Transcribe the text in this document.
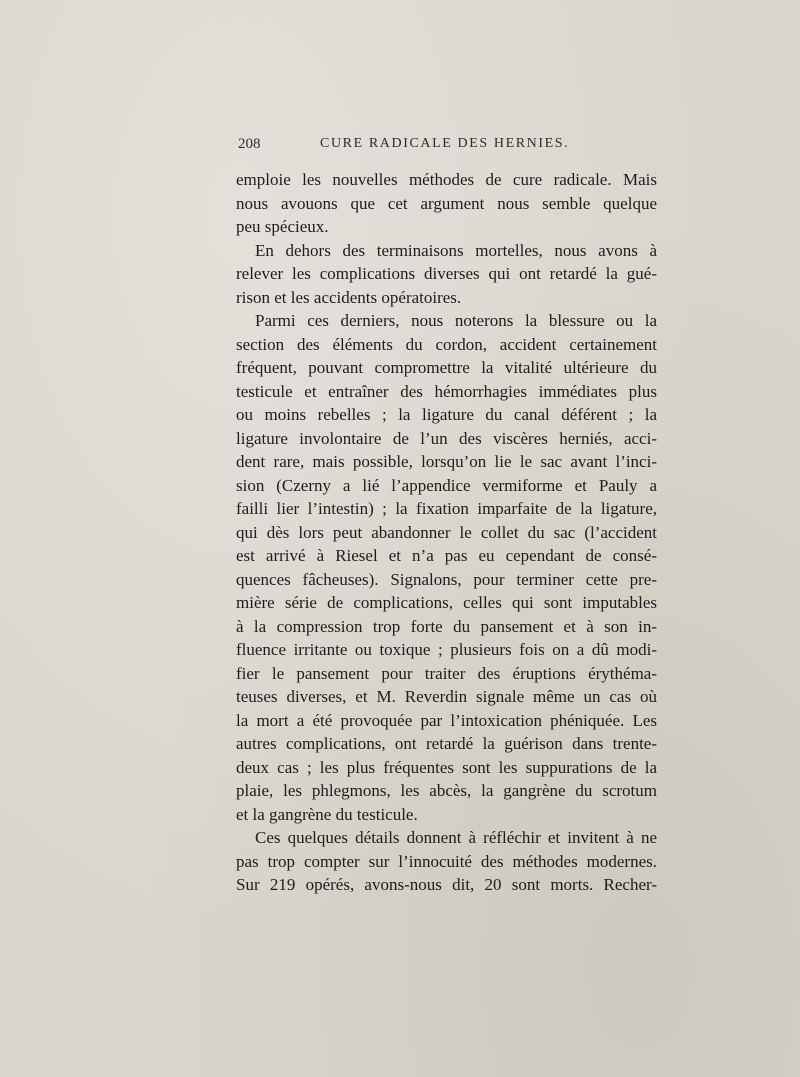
208	CURE RADICALE DES HERNIES.
emploie les nouvelles méthodes de cure radicale. Mais
nous avouons que cet argument nous semble quelque
peu spécieux.
En dehors des terminaisons mortelles, nous avons à
relever les complications diverses qui ont retardé la gué-
rison et les accidents opératoires.
Parmi ces derniers, nous noterons la blessure ou la
section des éléments du cordon, accident certainement
fréquent, pouvant compromettre la vitalité ultérieure du
testicule et entraîner des hémorrhagies immédiates plus
ou moins rebelles ; la ligature du canal déférent ; la
ligature involontaire de l’un des viscères herniés, acci-
dent rare, mais possible, lorsqu’on lie le sac avant l’inci-
sion (Czerny a lié l’appendice vermiforme et Pauly a
failli lier l’intestin) ; la fixation imparfaite de la ligature,
qui dès lors peut abandonner le collet du sac (l’accident
est arrivé à Riesel et n’a pas eu cependant de consé-
quences fâcheuses). Signalons, pour terminer cette pre-
mière série de complications, celles qui sont imputables
à la compression trop forte du pansement et à son in-
fluence irritante ou toxique ; plusieurs fois on a dû modi-
fier le pansement pour traiter des éruptions érythéma-
teuses diverses, et M. Reverdin signale même un cas où
la mort a été provoquée par l’intoxication phéniquée. Les
autres complications, ont retardé la guérison dans trente-
deux cas ; les plus fréquentes sont les suppurations de la
plaie, les phlegmons, les abcès, la gangrène du scrotum
et la gangrène du testicule.
Ces quelques détails donnent à réfléchir et invitent à ne
pas trop compter sur l’innocuité des méthodes modernes.
Sur 219 opérés, avons-nous dit, 20 sont morts. Recher-
